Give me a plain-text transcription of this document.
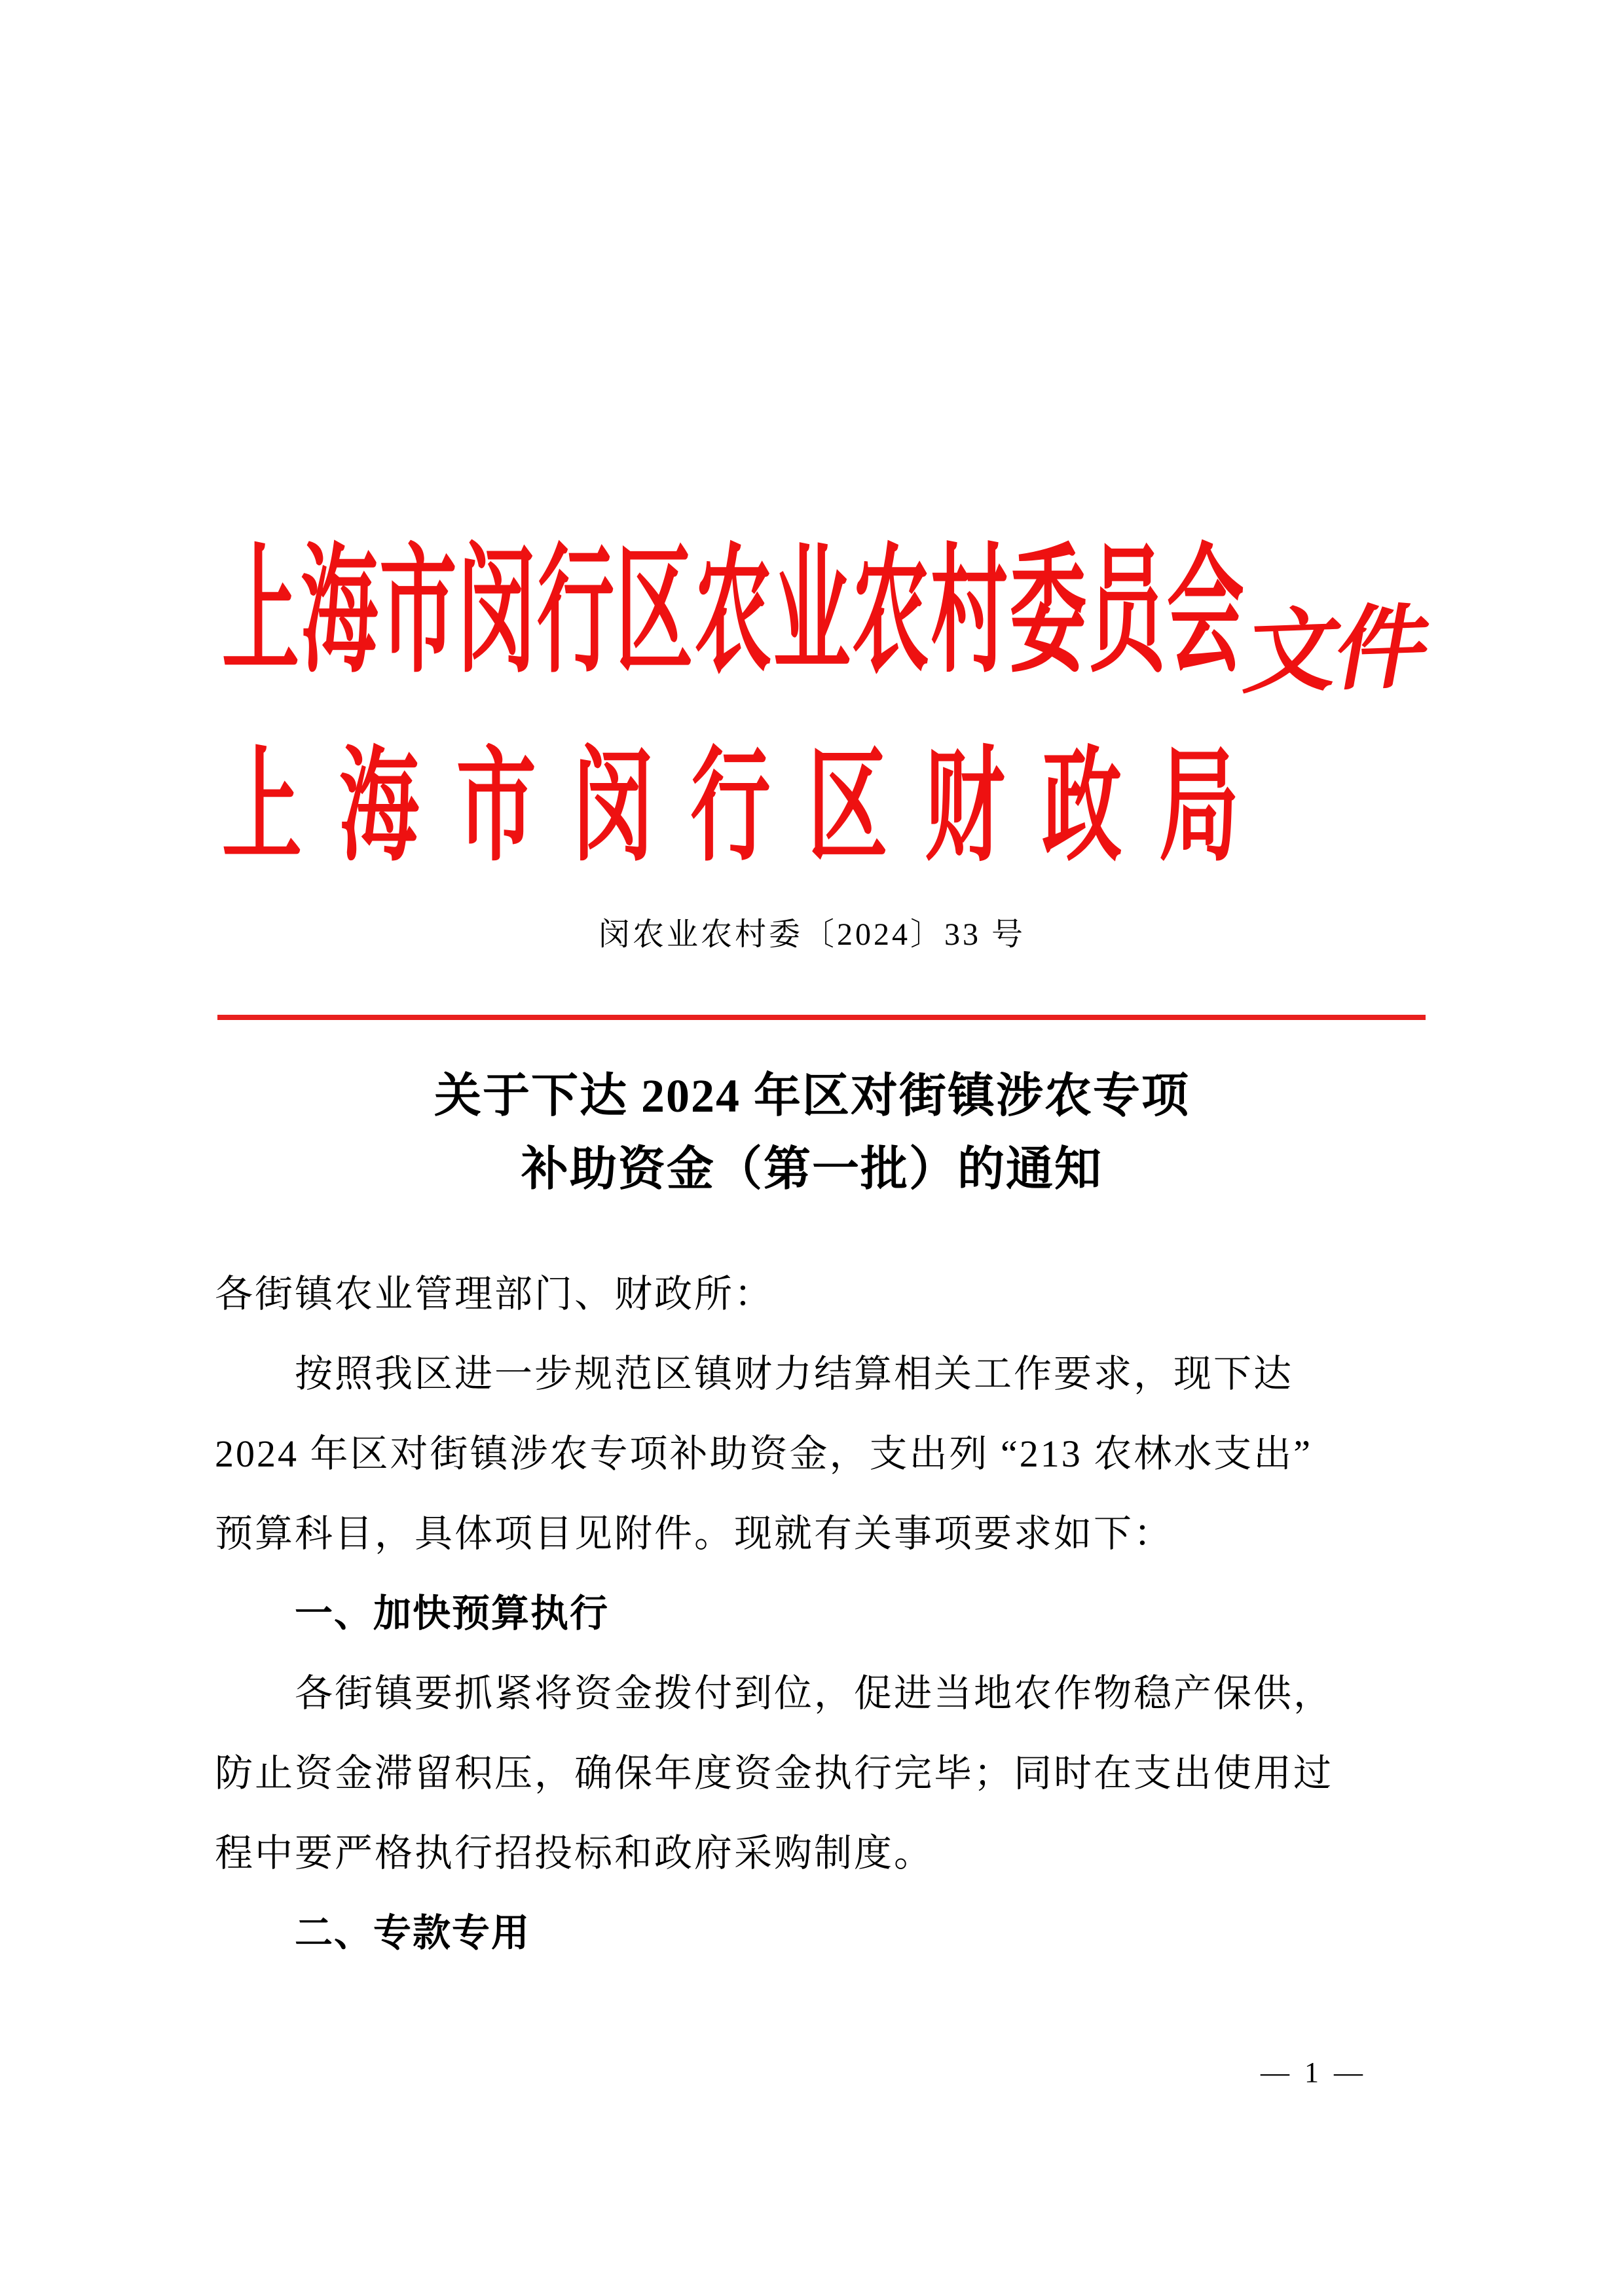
上 海 市 闵 行 区 农 业 农 村 委 员 会
上 海 市 闵 行 区 财 政 局
文件
闵农业农村委〔2024〕33 号
关于下达 2024 年区对街镇涉农专项
补助资金（第一批）的通知
各街镇农业管理部门、财政所：
按照我区进一步规范区镇财力结算相关工作要求，现下达
2024 年区对街镇涉农专项补助资金，支出列 “213 农林水支出”
预算科目，具体项目见附件。现就有关事项要求如下：
一、加快预算执行
各街镇要抓紧将资金拨付到位，促进当地农作物稳产保供，
防止资金滞留积压，确保年度资金执行完毕；同时在支出使用过
程中要严格执行招投标和政府采购制度。
二、专款专用
— 1 —
